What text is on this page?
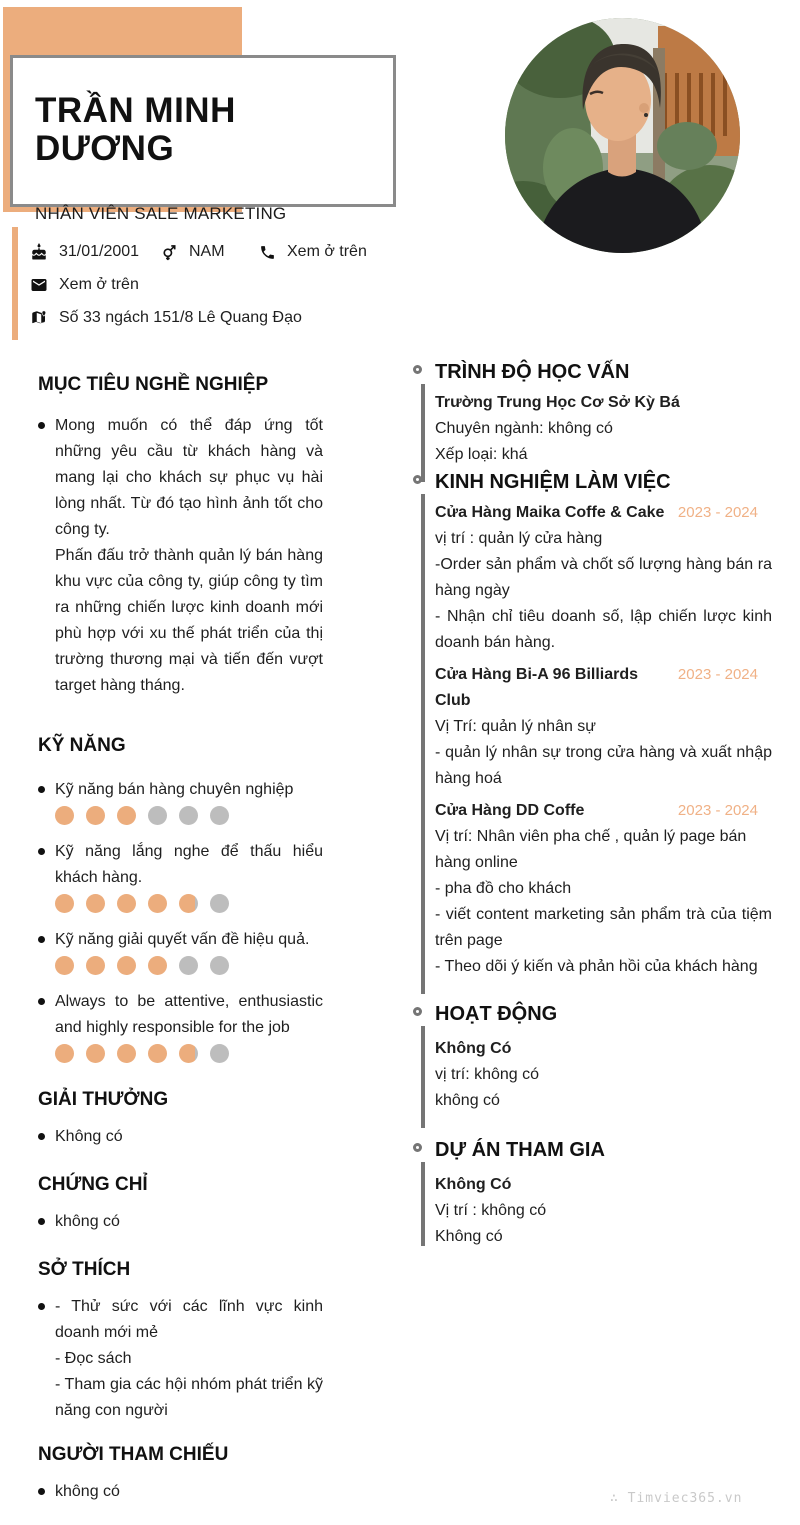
TRẦN MINH DƯƠNG

NHÂN VIÊN SALE MARKETING

31/01/2001	NAM	Xem ở trên
Xem ở trên
Số 33 ngách 151/8 Lê Quang Đạo
MỤC TIÊU NGHỀ NGHIỆP

Mong muốn có thể đáp ứng tốt những yêu cầu từ khách hàng và mang lại cho khách sự phục vụ hài lòng nhất. Từ đó tạo hình ảnh tốt cho công ty.

Phấn đấu trở thành quản lý bán hàng khu vực của công ty, giúp công ty tìm ra những chiến lược kinh doanh mới phù hợp với xu thế phát triển của thị trường thương mại và tiến đến vượt target hàng tháng.

KỸ NĂNG
Kỹ năng bán hàng chuyên nghiệp
Kỹ năng lắng nghe để thấu hiểu khách hàng.
Kỹ năng giải quyết vấn đề hiệu quả.
Always to be attentive, enthusiastic and highly responsible for the job
GIẢI THƯỞNG
Không có
CHỨNG CHỈ
không có
SỞ THÍCH

- Thử sức với các lĩnh vực kinh doanh mới mẻ

- Đọc sách

- Tham gia các hội nhóm phát triển kỹ năng con người

NGƯỜI THAM CHIẾU
không có
TRÌNH ĐỘ HỌC VẤN

Trường Trung Học Cơ Sở Kỳ Bá

Chuyên ngành: không có

Xếp loại: khá

KINH NGHIỆM LÀM VIỆC
Cửa Hàng Maika Coffe & Cake 2023 - 2024

vị trí : quản lý cửa hàng

-Order sản phẩm và chốt số lượng hàng bán ra hàng ngày

- Nhận chỉ tiêu doanh số, lập chiến lược kinh doanh bán hàng.

Cửa Hàng Bi-A 96 Billiards Club
2023 - 2024

Vị Trí: quản lý nhân sự

- quản lý nhân sự trong cửa hàng và xuất nhập hàng hoá

Cửa Hàng DD Coffe	2023 - 2024

Vị trí: Nhân viên pha chế , quản lý page bán hàng online

- pha đồ cho khách

- viết content marketing sản phẩm trà của tiệm trên page

- Theo dõi ý kiến và phản hồi của khách hàng

HOẠT ĐỘNG

Không Có

vị trí: không có

không có

DỰ ÁN THAM GIA

Không Có

Vị trí : không có

Không có

∴ Timviec365.vn
